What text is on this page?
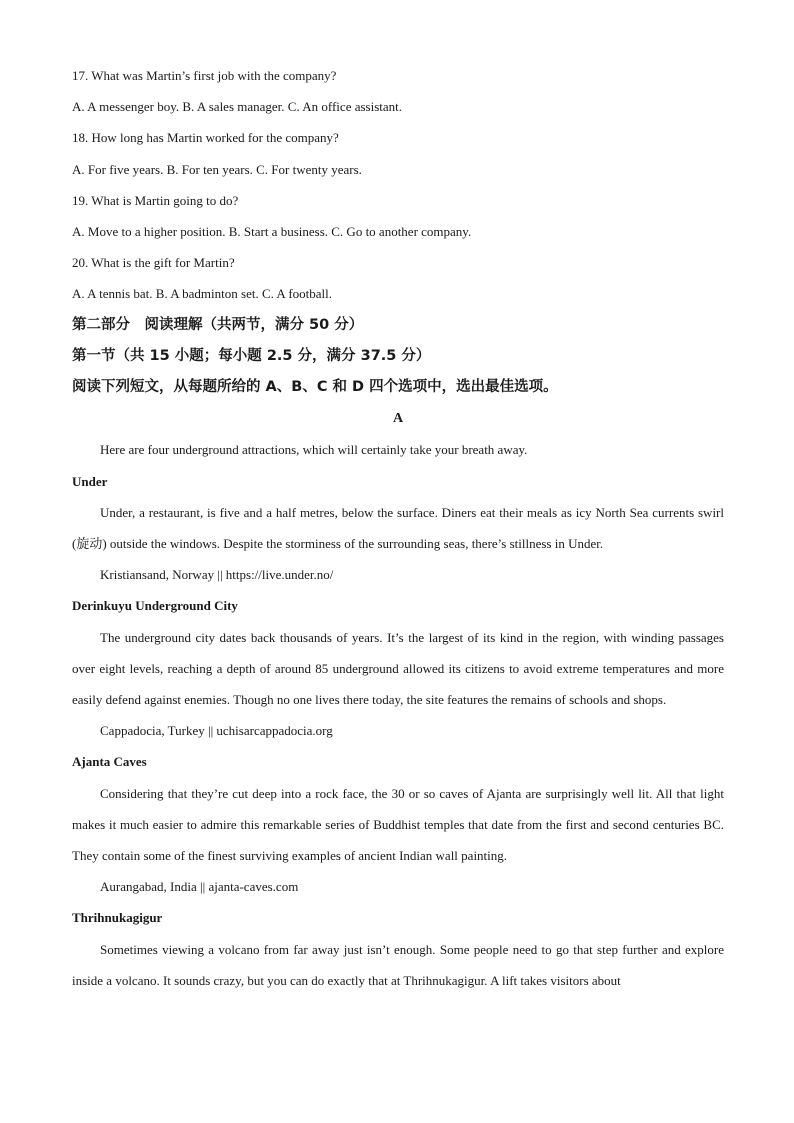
17. What was Martin’s first job with the company?

A. A messenger boy. B. A sales manager. C. An office assistant.

18. How long has Martin worked for the company?

A. For five years. B. For ten years. C. For twenty years.

19. What is Martin going to do?

A. Move to a higher position. B. Start a business. C. Go to another company.

20. What is the gift for Martin?

A. A tennis bat. B. A badminton set. C. A football.

第二部分　阅读理解（共两节，满分 50 分）

第一节（共 15 小题；每小题 2.5 分，满分 37.5 分）

阅读下列短文，从每题所给的 A、B、C 和 D 四个选项中，选出最佳选项。

A

Here are four underground attractions, which will certainly take your breath away.

Under

Under, a restaurant, is five and a half metres, below the surface. Diners eat their meals as icy North Sea currents swirl (旋动) outside the windows. Despite the storminess of the surrounding seas, there’s stillness in Under.

Kristiansand, Norway || https://live.under.no/

Derinkuyu Underground City

The underground city dates back thousands of years. It’s the largest of its kind in the region, with winding passages over eight levels, reaching a depth of around 85 underground allowed its citizens to avoid extreme temperatures and more easily defend against enemies. Though no one lives there today, the site features the remains of schools and shops.

Cappadocia, Turkey || uchisarcappadocia.org

Ajanta Caves

Considering that they’re cut deep into a rock face, the 30 or so caves of Ajanta are surprisingly well lit. All that light makes it much easier to admire this remarkable series of Buddhist temples that date from the first and second centuries BC. They contain some of the finest surviving examples of ancient Indian wall painting.

Aurangabad, India || ajanta-caves.com

Thrihnukagigur

Sometimes viewing a volcano from far away just isn’t enough. Some people need to go that step further and explore inside a volcano. It sounds crazy, but you can do exactly that at Thrihnukagigur. A lift takes visitors about
